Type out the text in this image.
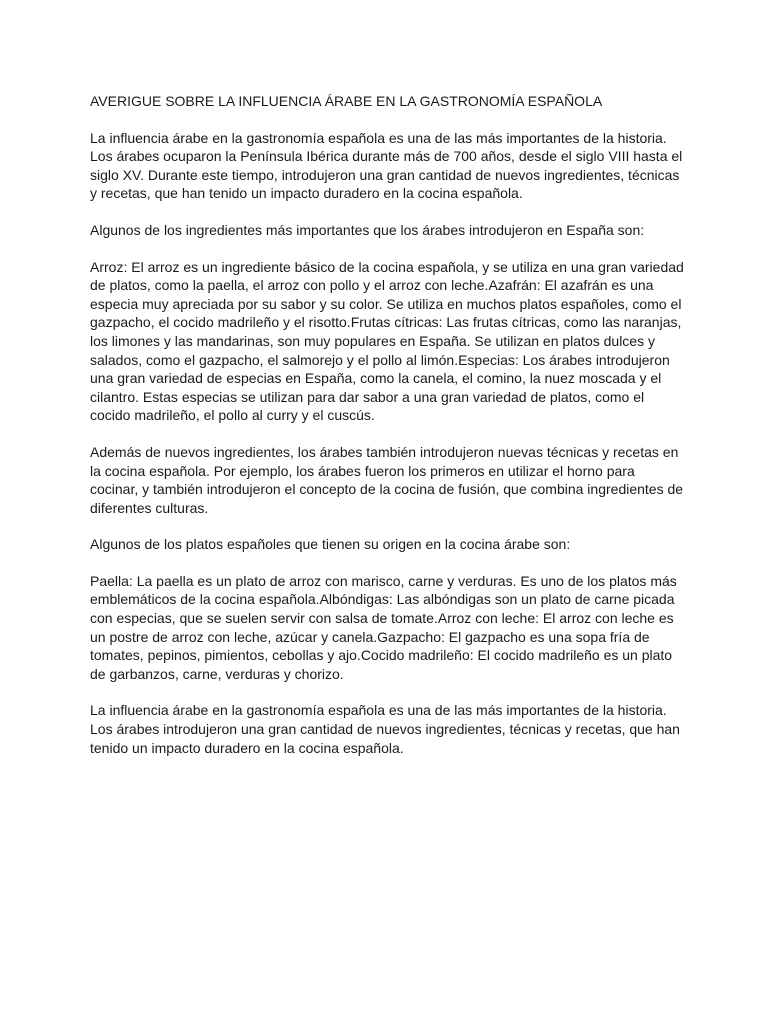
AVERIGUE SOBRE LA INFLUENCIA ÁRABE EN LA GASTRONOMÍA ESPAÑOLA

La influencia árabe en la gastronomía española es una de las más importantes de la historia.
Los árabes ocuparon la Península Ibérica durante más de 700 años, desde el siglo VIII hasta el
siglo XV. Durante este tiempo, introdujeron una gran cantidad de nuevos ingredientes, técnicas
y recetas, que han tenido un impacto duradero en la cocina española.

Algunos de los ingredientes más importantes que los árabes introdujeron en España son:

Arroz: El arroz es un ingrediente básico de la cocina española, y se utiliza en una gran variedad
de platos, como la paella, el arroz con pollo y el arroz con leche.Azafrán: El azafrán es una
especia muy apreciada por su sabor y su color. Se utiliza en muchos platos españoles, como el
gazpacho, el cocido madrileño y el risotto.Frutas cítricas: Las frutas cítricas, como las naranjas,
los limones y las mandarinas, son muy populares en España. Se utilizan en platos dulces y
salados, como el gazpacho, el salmorejo y el pollo al limón.Especias: Los árabes introdujeron
una gran variedad de especias en España, como la canela, el comino, la nuez moscada y el
cilantro. Estas especias se utilizan para dar sabor a una gran variedad de platos, como el
cocido madrileño, el pollo al curry y el cuscús.

Además de nuevos ingredientes, los árabes también introdujeron nuevas técnicas y recetas en
la cocina española. Por ejemplo, los árabes fueron los primeros en utilizar el horno para
cocinar, y también introdujeron el concepto de la cocina de fusión, que combina ingredientes de
diferentes culturas.

Algunos de los platos españoles que tienen su origen en la cocina árabe son:

Paella: La paella es un plato de arroz con marisco, carne y verduras. Es uno de los platos más
emblemáticos de la cocina española.Albóndigas: Las albóndigas son un plato de carne picada
con especias, que se suelen servir con salsa de tomate.Arroz con leche: El arroz con leche es
un postre de arroz con leche, azúcar y canela.Gazpacho: El gazpacho es una sopa fría de
tomates, pepinos, pimientos, cebollas y ajo.Cocido madrileño: El cocido madrileño es un plato
de garbanzos, carne, verduras y chorizo.

La influencia árabe en la gastronomía española es una de las más importantes de la historia.
Los árabes introdujeron una gran cantidad de nuevos ingredientes, técnicas y recetas, que han
tenido un impacto duradero en la cocina española.
